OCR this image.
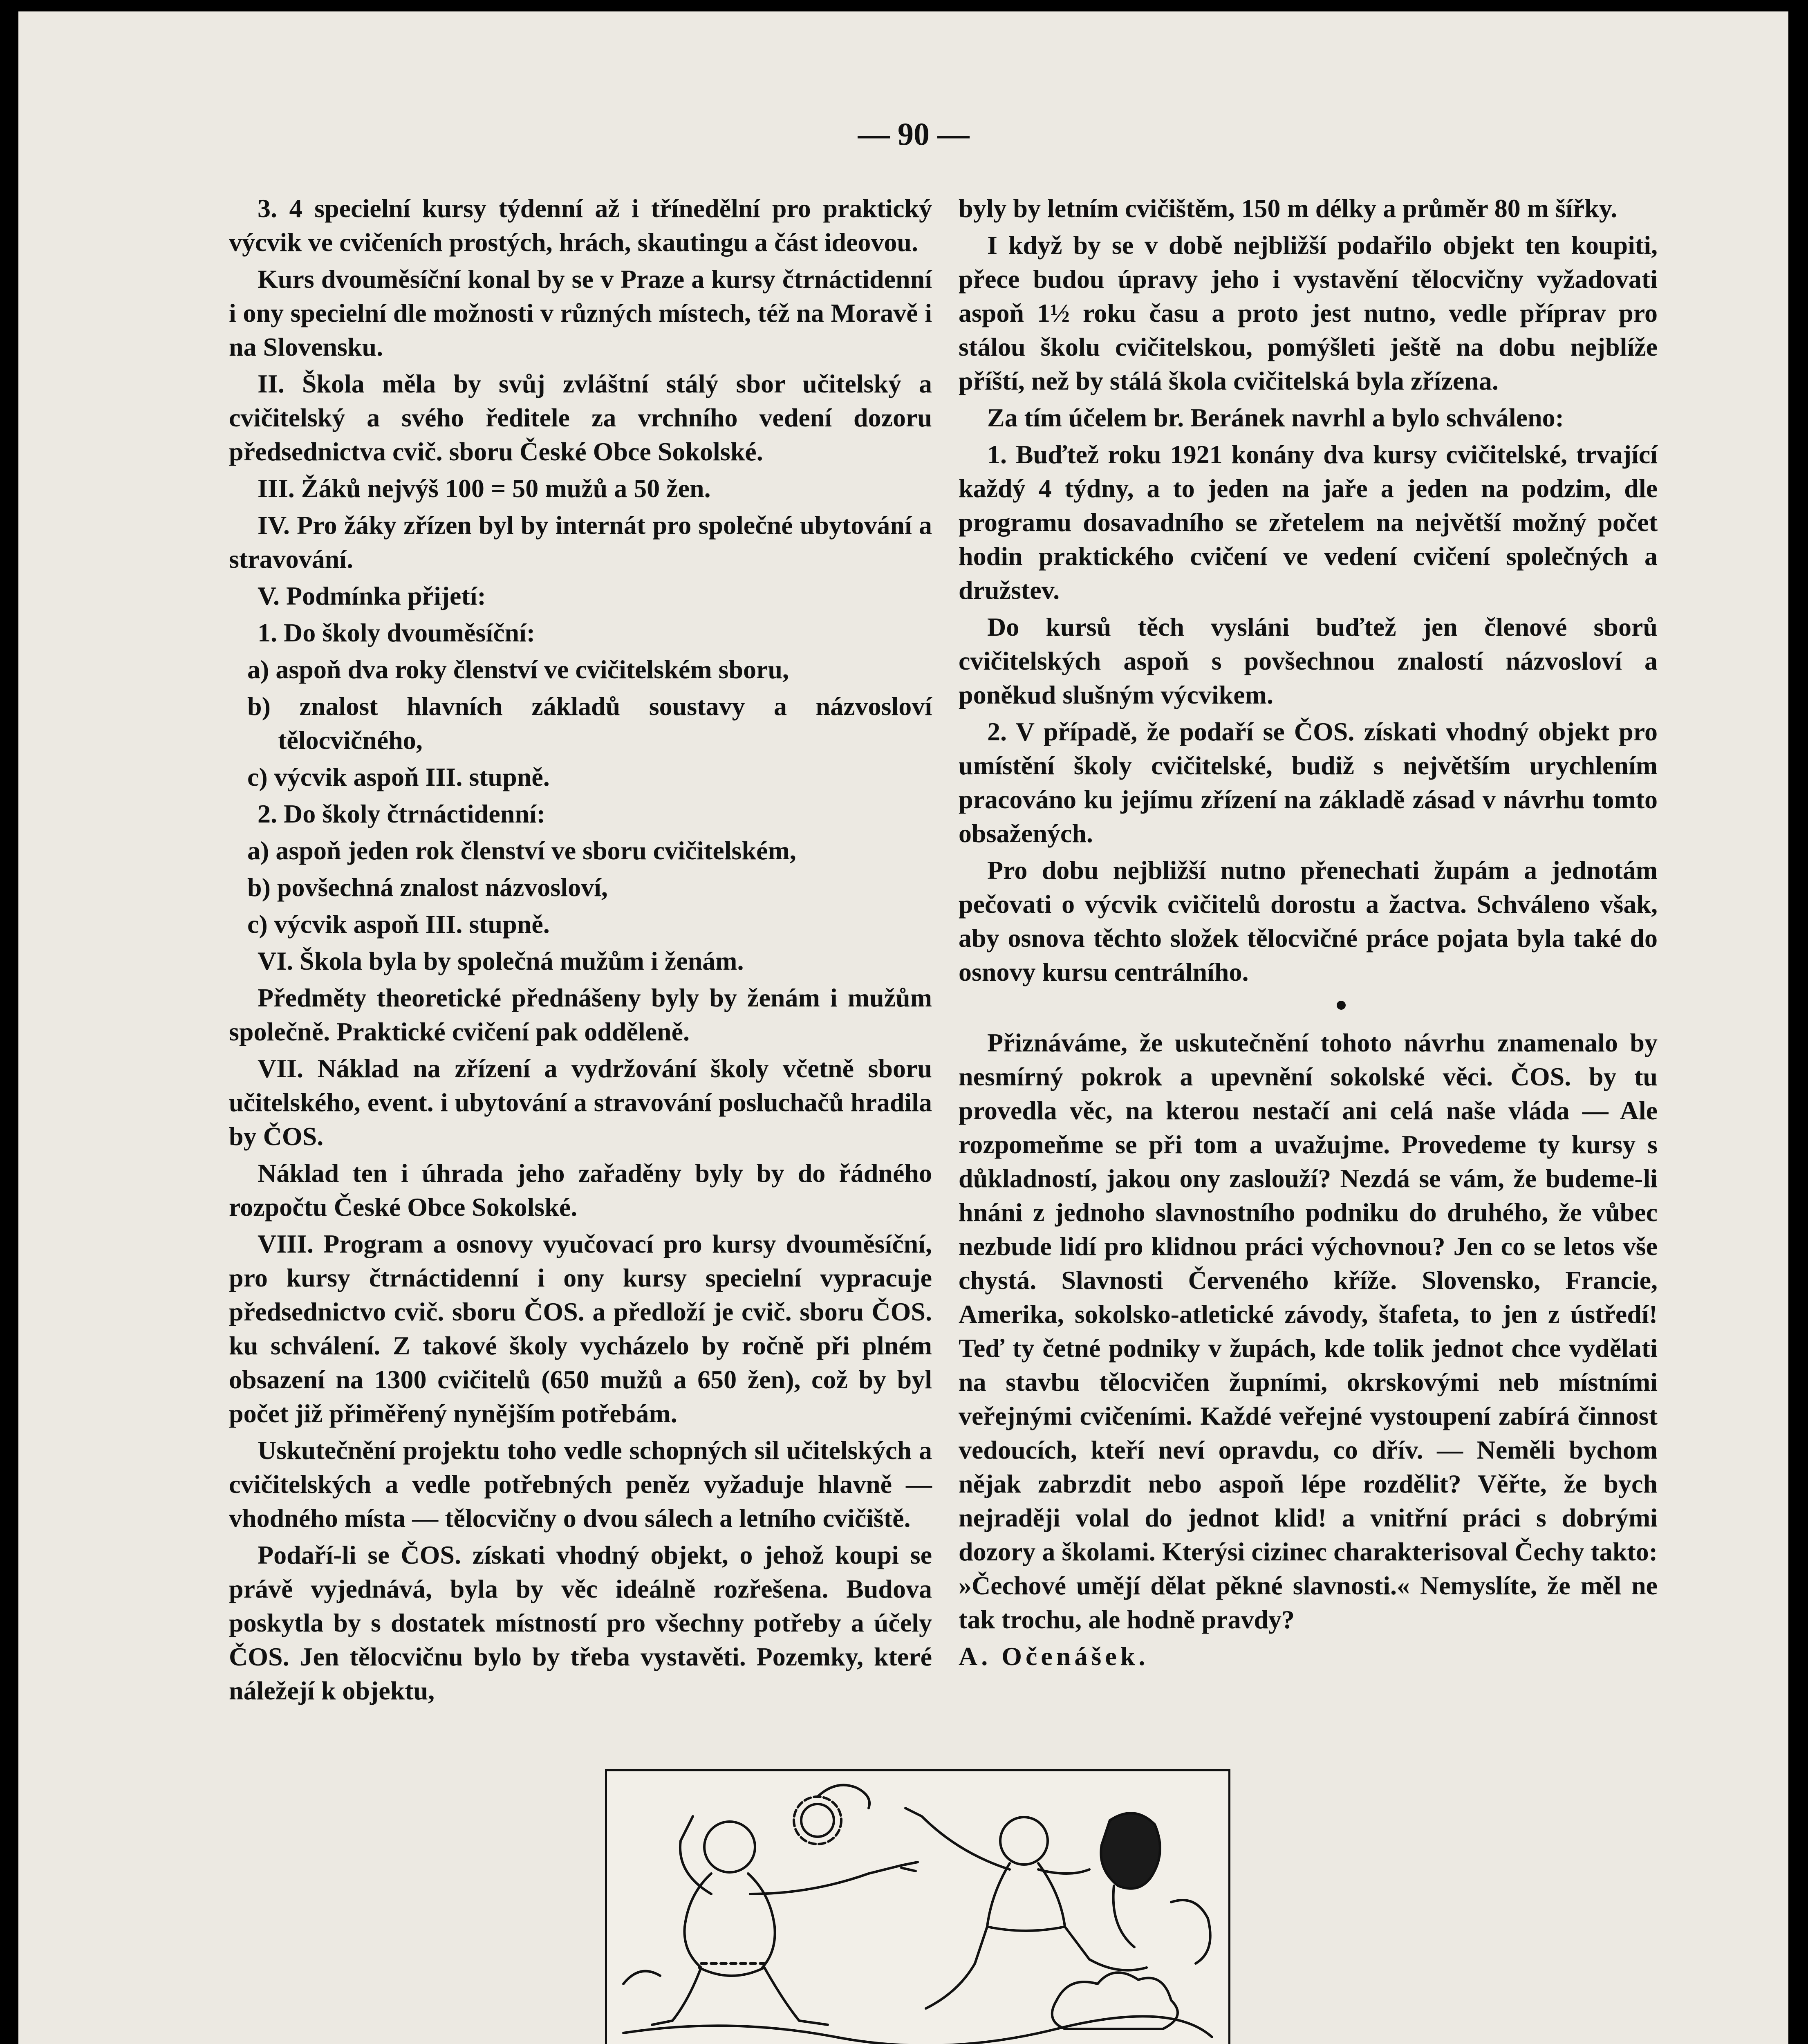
— 90 —

3. 4 specielní kursy týdenní až i třínedělní pro praktický výcvik ve cvičeních prostých, hrách, skautingu a část ideovou.

Kurs dvouměsíční konal by se v Praze a kursy čtrnáctidenní i ony specielní dle možnosti v různých místech, též na Moravě i na Slovensku.

II. Škola měla by svůj zvláštní stálý sbor učitelský a cvičitelský a svého ředitele za vrchního vedení dozoru předsednictva cvič. sboru České Obce Sokolské.

III. Žáků nejvýš 100 = 50 mužů a 50 žen.

IV. Pro žáky zřízen byl by internát pro společné ubytování a stravování.

V. Podmínka přijetí:

1. Do školy dvouměsíční:

a) aspoň dva roky členství ve cvičitelském sboru,

b) znalost hlavních základů soustavy a názvosloví tělocvičného,

c) výcvik aspoň III. stupně.

2. Do školy čtrnáctidenní:

a) aspoň jeden rok členství ve sboru cvičitelském,

b) povšechná znalost názvosloví,

c) výcvik aspoň III. stupně.

VI. Škola byla by společná mužům i ženám.

Předměty theoretické přednášeny byly by ženám i mužům společně. Praktické cvičení pak odděleně.

VII. Náklad na zřízení a vydržování školy včetně sboru učitelského, event. i ubytování a stravování posluchačů hradila by ČOS.

Náklad ten i úhrada jeho zařaděny byly by do řádného rozpočtu České Obce Sokolské.

VIII. Program a osnovy vyučovací pro kursy dvouměsíční, pro kursy čtrnáctidenní i ony kursy specielní vypracuje předsednictvo cvič. sboru ČOS. a předloží je cvič. sboru ČOS. ku schválení. Z takové školy vycházelo by ročně při plném obsazení na 1300 cvičitelů (650 mužů a 650 žen), což by byl počet již přiměřený nynějším potřebám.

Uskutečnění projektu toho vedle schopných sil učitelských a cvičitelských a vedle potřebných peněz vyžaduje hlavně — vhodného místa — tělocvičny o dvou sálech a letního cvičiště.

Podaří-li se ČOS. získati vhodný objekt, o jehož koupi se právě vyjednává, byla by věc ideálně rozřešena. Budova poskytla by s dostatek místností pro všechny potřeby a účely ČOS. Jen tělocvičnu bylo by třeba vystavěti. Pozemky, které náležejí k objektu,

byly by letním cvičištěm, 150 m délky a průměr 80 m šířky.

I když by se v době nejbližší podařilo objekt ten koupiti, přece budou úpravy jeho i vystavění tělocvičny vyžadovati aspoň 1½ roku času a proto jest nutno, vedle příprav pro stálou školu cvičitelskou, pomýšleti ještě na dobu nejblíže příští, než by stálá škola cvičitelská byla zřízena.

Za tím účelem br. Beránek navrhl a bylo schváleno:

1. Buďtež roku 1921 konány dva kursy cvičitelské, trvající každý 4 týdny, a to jeden na jaře a jeden na podzim, dle programu dosavadního se zřetelem na největší možný počet hodin praktického cvičení ve vedení cvičení společných a družstev.

Do kursů těch vysláni buďtež jen členové sborů cvičitelských aspoň s povšechnou znalostí názvosloví a poněkud slušným výcvikem.

2. V případě, že podaří se ČOS. získati vhodný objekt pro umístění školy cvičitelské, budiž s největším urychlením pracováno ku jejímu zřízení na základě zásad v návrhu tomto obsažených.

Pro dobu nejbližší nutno přenechati župám a jednotám pečovati o výcvik cvičitelů dorostu a žactva. Schváleno však, aby osnova těchto složek tělocvičné práce pojata byla také do osnovy kursu centrálního.

Přiznáváme, že uskutečnění tohoto návrhu znamenalo by nesmírný pokrok a upevnění sokolské věci. ČOS. by tu provedla věc, na kterou nestačí ani celá naše vláda — Ale rozpomeňme se při tom a uvažujme. Provedeme ty kursy s důkladností, jakou ony zaslouží? Nezdá se vám, že budeme-li hnáni z jednoho slavnostního podniku do druhého, že vůbec nezbude lidí pro klidnou práci výchovnou? Jen co se letos vše chystá. Slavnosti Červeného kříže. Slovensko, Francie, Amerika, sokolsko-atletické závody, štafeta, to jen z ústředí! Teď ty četné podniky v župách, kde tolik jednot chce vydělati na stavbu tělocvičen župními, okrskovými neb místními veřejnými cvičeními. Každé veřejné vystoupení zabírá činnost vedoucích, kteří neví opravdu, co dřív. — Neměli bychom nějak zabrzdit nebo aspoň lépe rozdělit? Věřte, že bych nejraději volal do jednot klid! a vnitřní práci s dobrými dozory a školami. Kterýsi cizinec charakterisoval Čechy takto: »Čechové umějí dělat pěkné slavnosti.« Nemyslíte, že měl ne tak trochu, ale hodně pravdy?

A. Očenášek.
